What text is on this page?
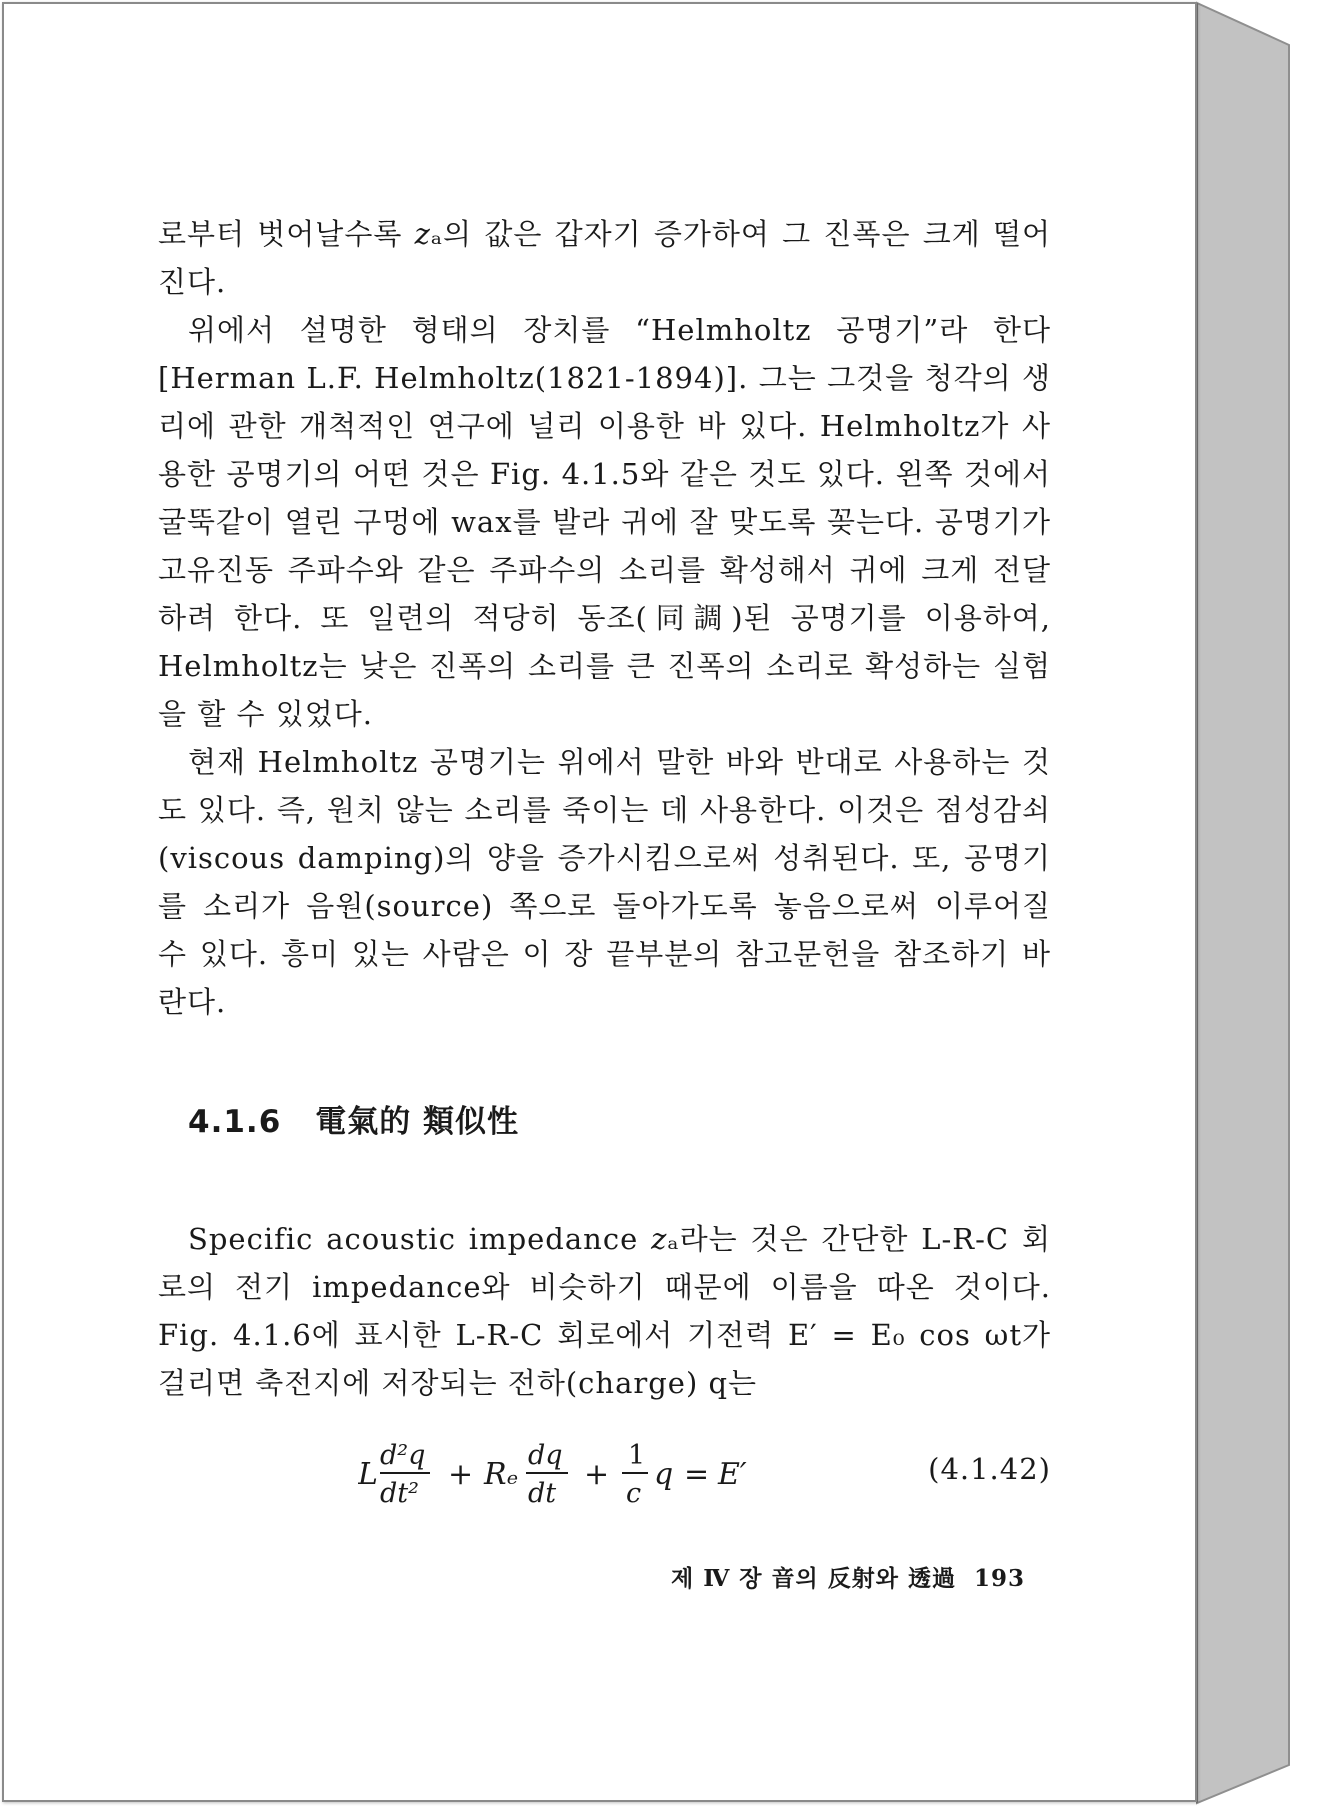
로부터 벗어날수록 𝑧ₐ의 값은 갑자기 증가하여 그 진폭은 크게 떨어진다.

위에서 설명한 형태의 장치를 “Helmholtz 공명기”라 한다 [Herman L.F. Helmholtz(1821-1894)]. 그는 그것을 청각의 생리에 관한 개척적인 연구에 널리 이용한 바 있다. Helmholtz가 사용한 공명기의 어떤 것은 Fig. 4.1.5와 같은 것도 있다. 왼쪽 것에서 굴뚝같이 열린 구멍에 wax를 발라 귀에 잘 맞도록 꽂는다. 공명기가 고유진동 주파수와 같은 주파수의 소리를 확성해서 귀에 크게 전달하려 한다. 또 일련의 적당히 동조(同調)된 공명기를 이용하여, Helmholtz는 낮은 진폭의 소리를 큰 진폭의 소리로 확성하는 실험을 할 수 있었다.

현재 Helmholtz 공명기는 위에서 말한 바와 반대로 사용하는 것도 있다. 즉, 원치 않는 소리를 죽이는 데 사용한다. 이것은 점성감쇠(viscous damping)의 양을 증가시킴으로써 성취된다. 또, 공명기를 소리가 음원(source) 쪽으로 돌아가도록 놓음으로써 이루어질 수 있다. 흥미 있는 사람은 이 장 끝부분의 참고문헌을 참조하기 바란다.

4.1.6 電氣的 類似性

Specific acoustic impedance 𝑧ₐ라는 것은 간단한 L-R-C 회로의 전기 impedance와 비슷하기 때문에 이름을 따온 것이다. Fig. 4.1.6에 표시한 L-R-C 회로에서 기전력 E′ = E₀ cos ωt가 걸리면 축전지에 저장되는 전하(charge) q는

L
d²q
dt²
+ Rₑ
dq
dt
+
1
c
q = E′	(4.1.42)
제 Ⅳ 장 音의 反射와 透過 193
